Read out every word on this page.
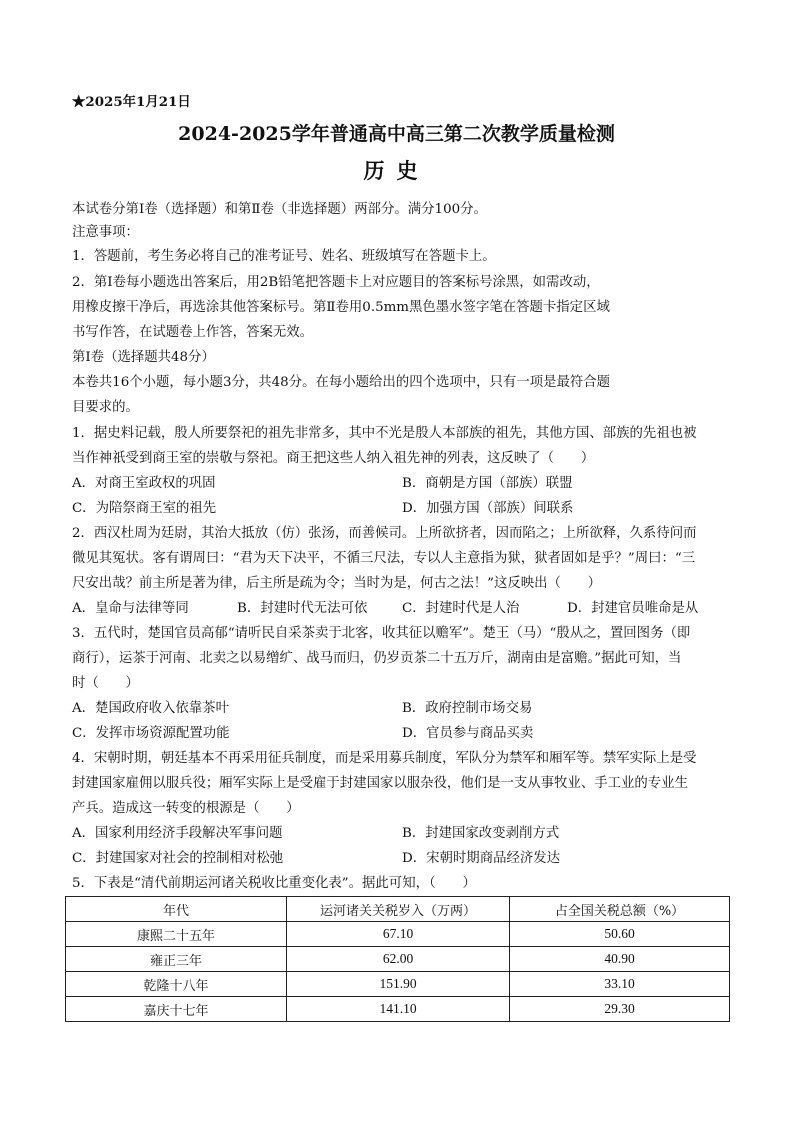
★2025年1月21日
2024-2025学年普通高中高三第二次教学质量检测
历史
本试卷分第Ⅰ卷（选择题）和第Ⅱ卷（非选择题）两部分。满分100分。
注意事项：
1．答题前，考生务必将自己的准考证号、姓名、班级填写在答题卡上。
2．第Ⅰ卷每小题选出答案后，用2B铅笔把答题卡上对应题目的答案标号涂黑，如需改动，
用橡皮擦干净后，再选涂其他答案标号。第Ⅱ卷用0.5mm黑色墨水签字笔在答题卡指定区域
书写作答，在试题卷上作答，答案无效。
第Ⅰ卷（选择题共48分）
本卷共16个小题，每小题3分，共48分。在每小题给出的四个选项中，只有一项是最符合题
目要求的。
1．据史料记载，殷人所要祭祀的祖先非常多，其中不光是殷人本部族的祖先，其他方国、部族的先祖也被
当作神祇受到商王室的崇敬与祭祀。商王把这些人纳入祖先神的列表，这反映了（　　）
A．对商王室政权的巩固	B．商朝是方国（部族）联盟
C．为陪祭商王室的祖先	D．加强方国（部族）间联系
2．西汉杜周为廷尉，其治大抵放（仿）张汤，而善候司。上所欲挤者，因而陷之；上所欲释，久系待问而
微见其冤状。客有谓周曰：“君为天下决平，不循三尺法，专以人主意指为狱，狱者固如是乎？”周曰：“三
尺安出哉？前主所是著为律，后主所是疏为令；当时为是，何古之法！”这反映出（　　）
A．皇命与法律等同	B．封建时代无法可依	C．封建时代是人治	D．封建官员唯命是从
3．五代时，楚国官员高郁“请听民自采茶卖于北客，收其征以赡军”。楚王（马）“殷从之，置回图务（即
商行），运茶于河南、北卖之以易缯纩、战马而归，仍岁贡茶二十五万斤，湖南由是富赡。”据此可知，当
时（　　）
A．楚国政府收入依靠茶叶	B．政府控制市场交易
C．发挥市场资源配置功能	D．官员参与商品买卖
4．宋朝时期，朝廷基本不再采用征兵制度，而是采用募兵制度，军队分为禁军和厢军等。禁军实际上是受
封建国家雇佣以服兵役；厢军实际上是受雇于封建国家以服杂役，他们是一支从事牧业、手工业的专业生
产兵。造成这一转变的根源是（　　）
A．国家利用经济手段解决军事问题	B．封建国家改变剥削方式
C．封建国家对社会的控制相对松弛	D．宋朝时期商品经济发达
5．下表是“清代前期运河诸关税收比重变化表”。据此可知，（　　）
年代	运河诸关关税岁入（万两）	占全国关税总额（%）
康熙二十五年	67.10	50.60
雍正三年	62.00	40.90
乾隆十八年	151.90	33.10
嘉庆十七年	141.10	29.30
